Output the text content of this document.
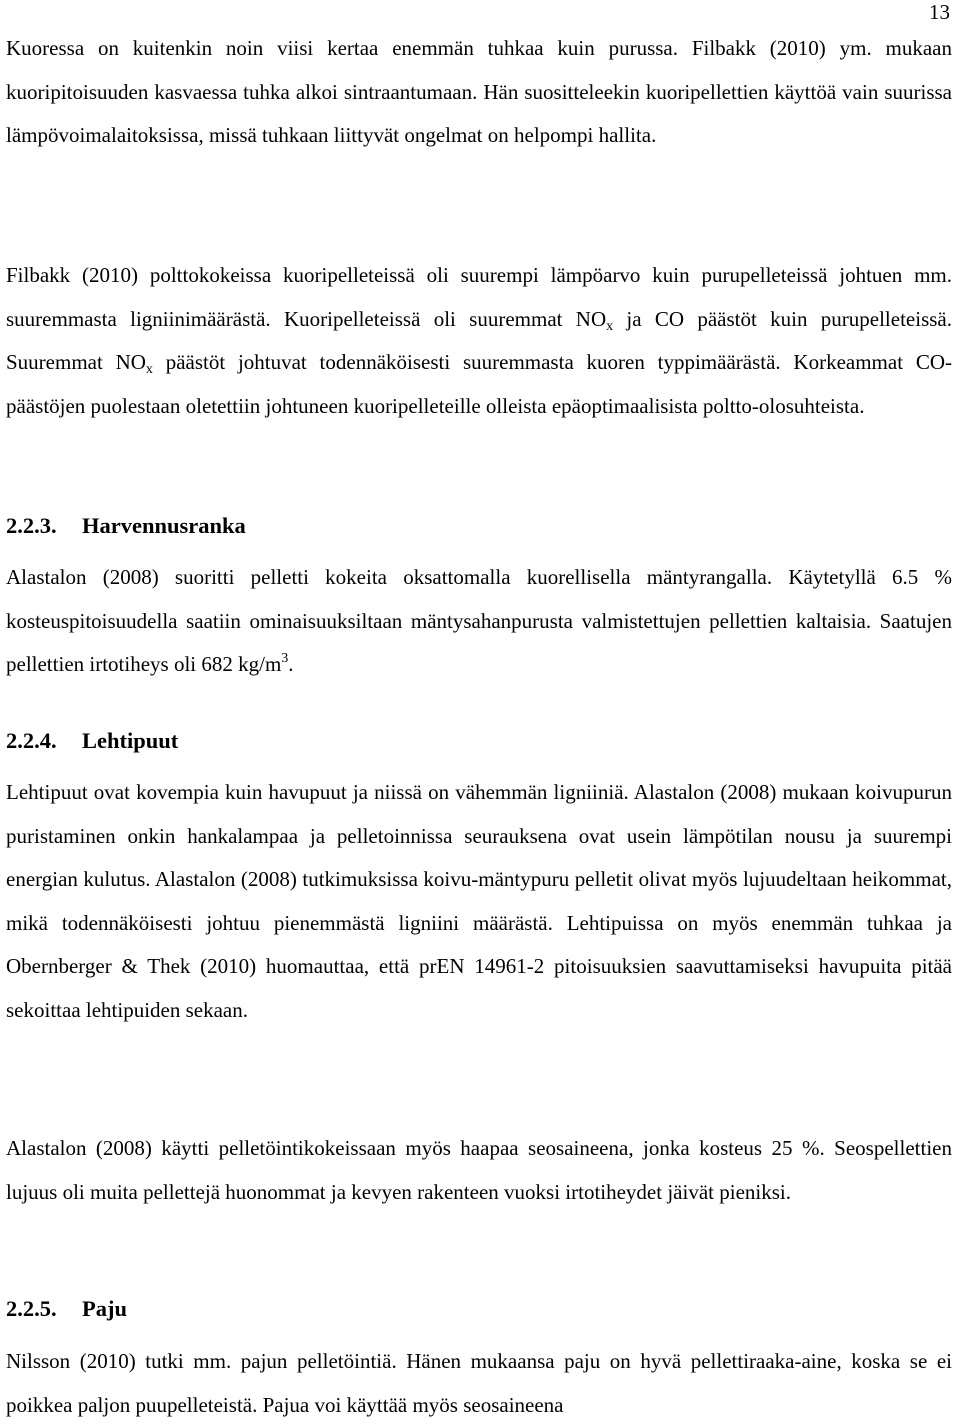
13

Kuoressa on kuitenkin noin viisi kertaa enemmän tuhkaa kuin purussa. Filbakk (2010) ym. mukaan kuoripitoisuuden kasvaessa tuhka alkoi sintraantumaan. Hän suositteleekin kuoripellettien käyttöä vain suurissa lämpövoimalaitoksissa, missä tuhkaan liittyvät ongelmat on helpompi hallita.

Filbakk (2010) polttokokeissa kuoripelleteissä oli suurempi lämpöarvo kuin purupelleteissä johtuen mm. suuremmasta ligniinimäärästä. Kuoripelleteissä oli suuremmat $NO_x$ ja CO päästöt kuin purupelleteissä. Suuremmat $NO_x$ päästöt johtuvat todennäköisesti suuremmasta kuoren typpimäärästä. Korkeammat CO-päästöjen puolestaan oletettiin johtuneen kuoripelleteille olleista epäoptimaalisista poltto-olosuhteista.

2.2.3. Harvennusranka

Alastalon (2008) suoritti pelletti kokeita oksattomalla kuorellisella mäntyrangalla. Käytetyllä 6.5 % kosteuspitoisuudella saatiin ominaisuuksiltaan mäntysahanpurusta valmistettujen pellettien kaltaisia. Saatujen pellettien irtotiheys oli 682 $kg/m^3$.

2.2.4. Lehtipuut

Lehtipuut ovat kovempia kuin havupuut ja niissä on vähemmän ligniiniä. Alastalon (2008) mukaan koivupurun puristaminen onkin hankalampaa ja pelletoinnissa seurauksena ovat usein lämpötilan nousu ja suurempi energian kulutus. Alastalon (2008) tutkimuksissa koivu-mäntypuru pelletit olivat myös lujuudeltaan heikommat, mikä todennäköisesti johtuu pienemmästä ligniini määrästä. Lehtipuissa on myös enemmän tuhkaa ja Obernberger & Thek (2010) huomauttaa, että prEN 14961-2 pitoisuuksien saavuttamiseksi havupuita pitää sekoittaa lehtipuiden sekaan.

Alastalon (2008) käytti pelletöintikokeissaan myös haapaa seosaineena, jonka kosteus 25 %. Seospellettien lujuus oli muita pellettejä huonommat ja kevyen rakenteen vuoksi irtotiheydet jäivät pieniksi.

2.2.5. Paju

Nilsson (2010) tutki mm. pajun pelletöintiä. Hänen mukaansa paju on hyvä pellettiraaka-aine, koska se ei poikkea paljon puupelleteistä. Pajua voi käyttää myös seosaineena
